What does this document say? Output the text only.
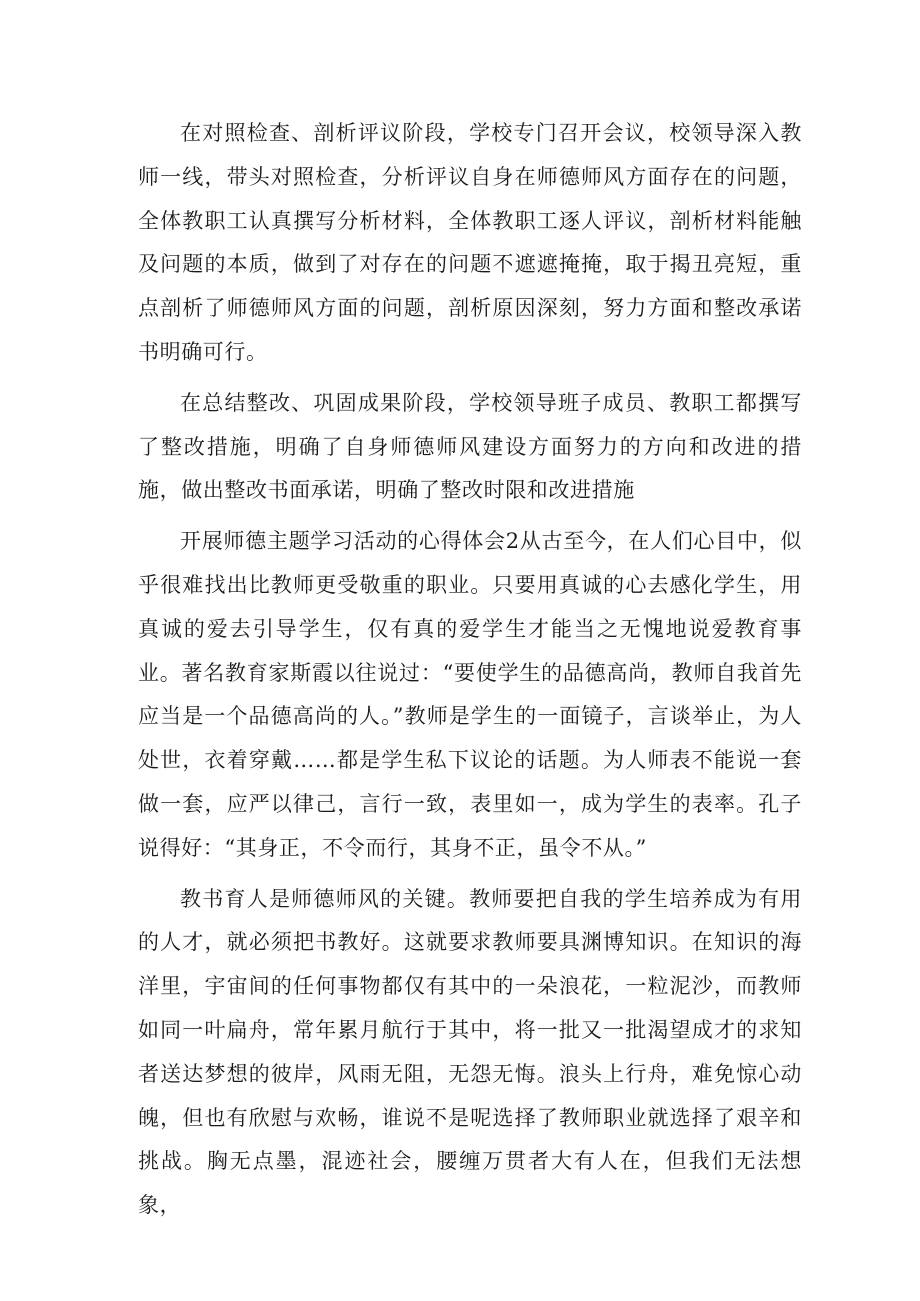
在对照检查、剖析评议阶段，学校专门召开会议，校领导深入教师一线，带头对照检查，分析评议自身在师德师风方面存在的问题，全体教职工认真撰写分析材料，全体教职工逐人评议，剖析材料能触及问题的本质，做到了对存在的问题不遮遮掩掩，取于揭丑亮短，重点剖析了师德师风方面的问题，剖析原因深刻，努力方面和整改承诺书明确可行。

在总结整改、巩固成果阶段，学校领导班子成员、教职工都撰写了整改措施，明确了自身师德师风建设方面努力的方向和改进的措施，做出整改书面承诺，明确了整改时限和改进措施

开展师德主题学习活动的心得体会2从古至今，在人们心目中，似乎很难找出比教师更受敬重的职业。只要用真诚的心去感化学生，用真诚的爱去引导学生，仅有真的爱学生才能当之无愧地说爱教育事业。著名教育家斯霞以往说过：“要使学生的品德高尚，教师自我首先应当是一个品德高尚的人。”教师是学生的一面镜子，言谈举止，为人处世，衣着穿戴……都是学生私下议论的话题。为人师表不能说一套做一套，应严以律己，言行一致，表里如一，成为学生的表率。孔子说得好：“其身正，不令而行，其身不正，虽令不从。”

教书育人是师德师风的关键。教师要把自我的学生培养成为有用的人才，就必须把书教好。这就要求教师要具渊博知识。在知识的海洋里，宇宙间的任何事物都仅有其中的一朵浪花，一粒泥沙，而教师如同一叶扁舟，常年累月航行于其中，将一批又一批渴望成才的求知者送达梦想的彼岸，风雨无阻，无怨无悔。浪头上行舟，难免惊心动魄，但也有欣慰与欢畅，谁说不是呢选择了教师职业就选择了艰辛和挑战。胸无点墨，混迹社会，腰缠万贯者大有人在，但我们无法想象，
